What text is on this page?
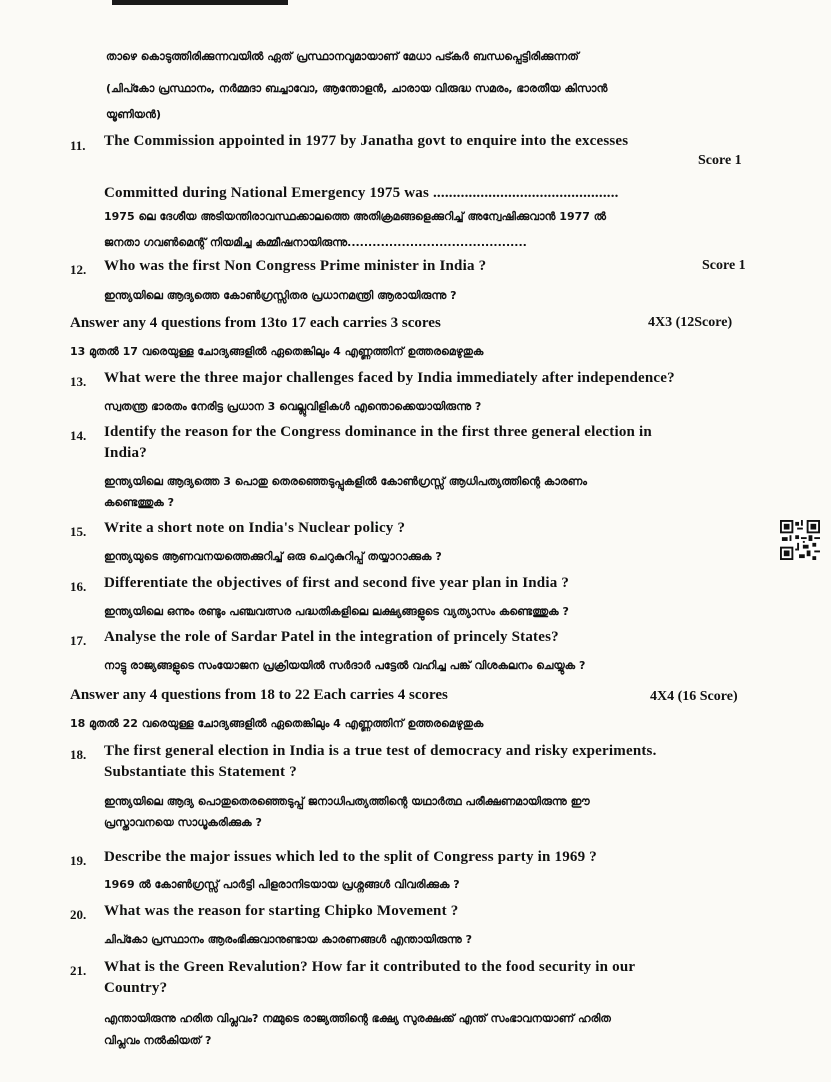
താഴെ കൊടുത്തിരിക്കുന്നവയിൽ ഏത് പ്രസ്ഥാനവുമായാണ് മേധാ പട്കർ ബന്ധപ്പെട്ടിരിക്കുന്നത്
(ചിപ്കോ പ്രസ്ഥാനം, നർമ്മദാ ബച്ചാവോ, ആന്തോളൻ, ചാരായ വിരുദ്ധ സമരം, ഭാരതീയ കിസാൻ
യൂണിയൻ)
11. The Commission appointed in 1977 by Janatha govt to enquire into the excesses
Score 1
Committed during National Emergency 1975 was ...............................................
1975 ലെ ദേശീയ അടിയന്തിരാവസ്ഥക്കാലത്തെ അതിക്രമങ്ങളെക്കുറിച്ച് അന്വേഷിക്കുവാൻ 1977 ൽ
ജനതാ ഗവൺമെന്റ് നിയമിച്ച കമ്മീഷനായിരുന്നു...........................................
12. Who was the first Non Congress Prime minister in India ?	Score 1
ഇന്ത്യയിലെ ആദ്യത്തെ കോൺഗ്രസ്സിതര പ്രധാനമന്ത്രി ആരായിരുന്നു ?
Answer any 4 questions from 13to 17 each carries 3 scores	4X3 (12Score)
13 മുതൽ 17 വരെയുള്ള ചോദ്യങ്ങളിൽ ഏതെങ്കിലും 4 എണ്ണത്തിന് ഉത്തരമെഴുതുക
13. What were the three major challenges faced by India immediately after independence?
സ്വതന്ത്ര ഭാരതം നേരിട്ട പ്രധാന 3 വെല്ലുവിളികൾ എന്തൊക്കെയായിരുന്നു ?
14. Identify the reason for the Congress dominance in the first three general election in
India?
ഇന്ത്യയിലെ ആദ്യത്തെ 3 പൊതു തെരഞ്ഞെടുപ്പുകളിൽ കോൺഗ്രസ്സ് ആധിപത്യത്തിന്റെ കാരണം
കണ്ടെത്തുക ?
15. Write a short note on India's Nuclear policy ?
ഇന്ത്യയുടെ ആണവനയത്തെക്കുറിച്ച് ഒരു ചെറുകുറിപ്പ് തയ്യാറാക്കുക ?
16. Differentiate the objectives of first and second five year plan in India ?
ഇന്ത്യയിലെ ഒന്നും രണ്ടും പഞ്ചവത്സര പദ്ധതികളിലെ ലക്ഷ്യങ്ങളുടെ വ്യത്യാസം കണ്ടെത്തുക ?
17. Analyse the role of Sardar Patel in the integration of princely States?
നാട്ടു രാജ്യങ്ങളുടെ സംയോജന പ്രക്രിയയിൽ സർദാർ പട്ടേൽ വഹിച്ച പങ്ക് വിശകലനം ചെയ്യുക ?
Answer any 4 questions from 18 to 22 Each carries 4 scores	4X4 (16 Score)
18 മുതൽ 22 വരെയുള്ള ചോദ്യങ്ങളിൽ ഏതെങ്കിലും 4 എണ്ണത്തിന് ഉത്തരമെഴുതുക
18. The first general election in India is a true test of democracy and risky experiments.
Substantiate this Statement ?
ഇന്ത്യയിലെ ആദ്യ പൊതുതെരഞ്ഞെടുപ്പ് ജനാധിപത്യത്തിന്റെ യഥാർത്ഥ പരീക്ഷണമായിരുന്നു ഈ
പ്രസ്താവനയെ സാധൂകരിക്കുക ?
19. Describe the major issues which led to the split of Congress party in 1969 ?
1969 ൽ കോൺഗ്രസ്സ് പാർട്ടി പിളരാനിടയായ പ്രശ്നങ്ങൾ വിവരിക്കുക ?
20. What was the reason for starting Chipko Movement ?
ചിപ്കോ പ്രസ്ഥാനം ആരംഭിക്കുവാനുണ്ടായ കാരണങ്ങൾ എന്തായിരുന്നു ?
21. What is the Green Revalution? How far it contributed to the food security in our
Country?
എന്തായിരുന്നു ഹരിത വിപ്ലവം? നമ്മുടെ രാജ്യത്തിന്റെ ഭക്ഷ്യ സുരക്ഷക്ക് എന്ത് സംഭാവനയാണ് ഹരിത
വിപ്ലവം നൽകിയത് ?
